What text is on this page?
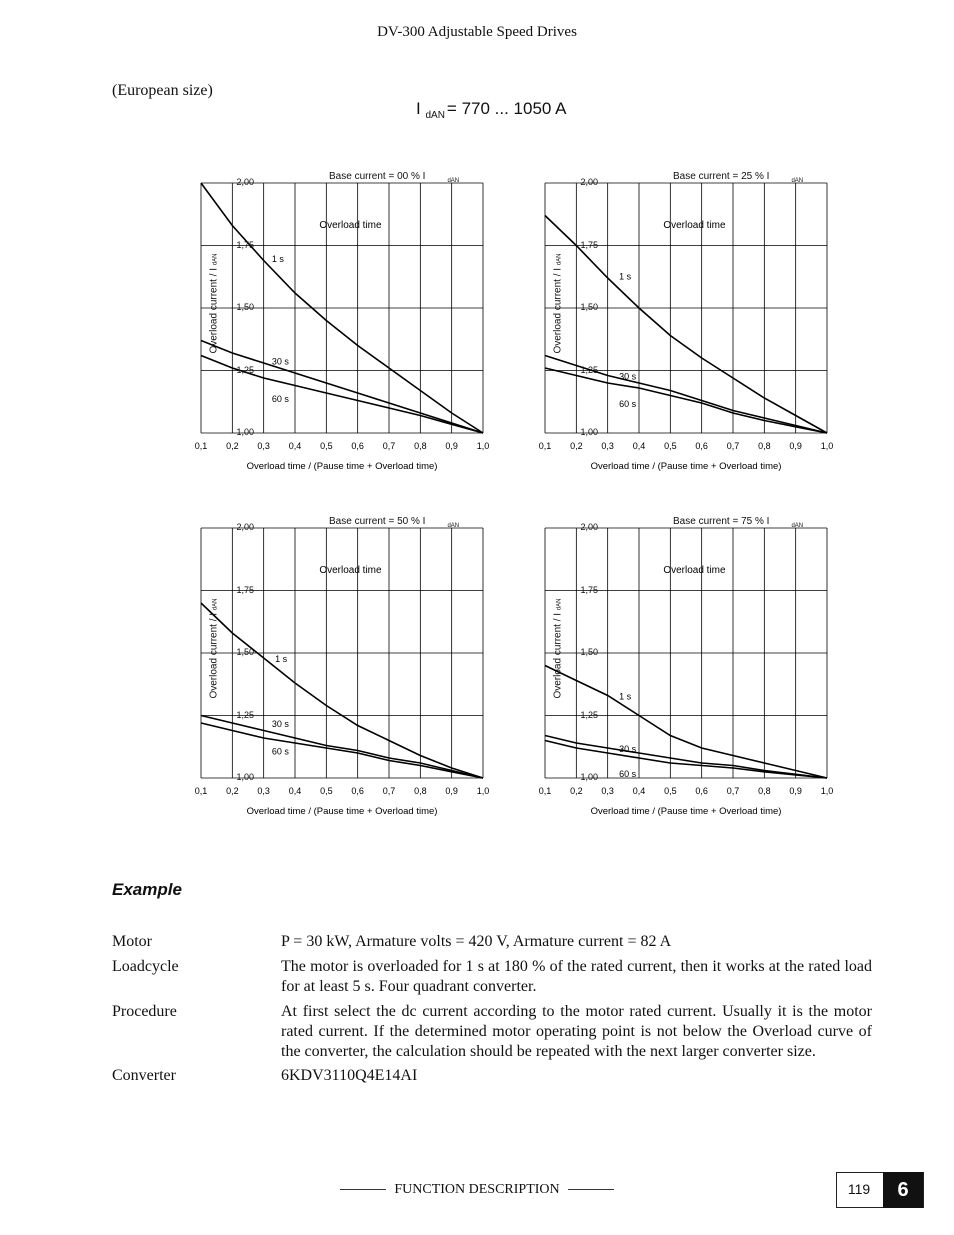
DV-300 Adjustable Speed Drives
(European size)
I $_{dAN}$ = 770 ... 1050 A
0,1 0,2 0,3 0,4 0,5 0,6 0,7 0,8 0,9 1,0
Overload time / (Pause time + Overload time)
Overload time
1 s
30 s
60 s
1,00
1,25
1,50
1,75
2,00	Base current = 00 % I	$_{dAN}$
Overload current / I dAN
0,1 0,2 0,3 0,4 0,5 0,6 0,7 0,8 0,9 1,0
Overload time / (Pause time + Overload time)
Overload time
1 s
30 s
60 s
1,00
1,25
1,50
1,75
2,00	Base current = 25 % I	$_{dAN}$
Overload current / I dAN
0,1 0,2 0,3 0,4 0,5 0,6 0,7 0,8 0,9 1,0
Overload time / (Pause time + Overload time)
Overload time
1 s
30 s
60 s
1,00
1,25
1,50
1,75
2,00	Base current = 50 % I	$_{dAN}$
Overload current / I dAN
0,1 0,2 0,3 0,4 0,5 0,6 0,7 0,8 0,9 1,0
Overload time / (Pause time + Overload time)
Overload time
1 s
30 s
60 s
1,00
1,25
1,50
1,75
2,00	Base current = 75 % I	$_{dAN}$
Overload current / I dAN
Example
Motor	P = 30 kW, Armature volts = 420 V, Armature current = 82 A
Loadcycle	The motor is overloaded for 1 s at 180 % of the rated current, then it works at the rated load for at least 5 s. Four quadrant converter.
Procedure	At first select the dc current according to the motor rated current. Usually it is the motor rated current. If the determined motor operating point is not below the Overload curve of the converter, the calculation should be repeated with the next larger converter size.
Converter	6KDV3110Q4E14AI
FUNCTION DESCRIPTION	119	6
